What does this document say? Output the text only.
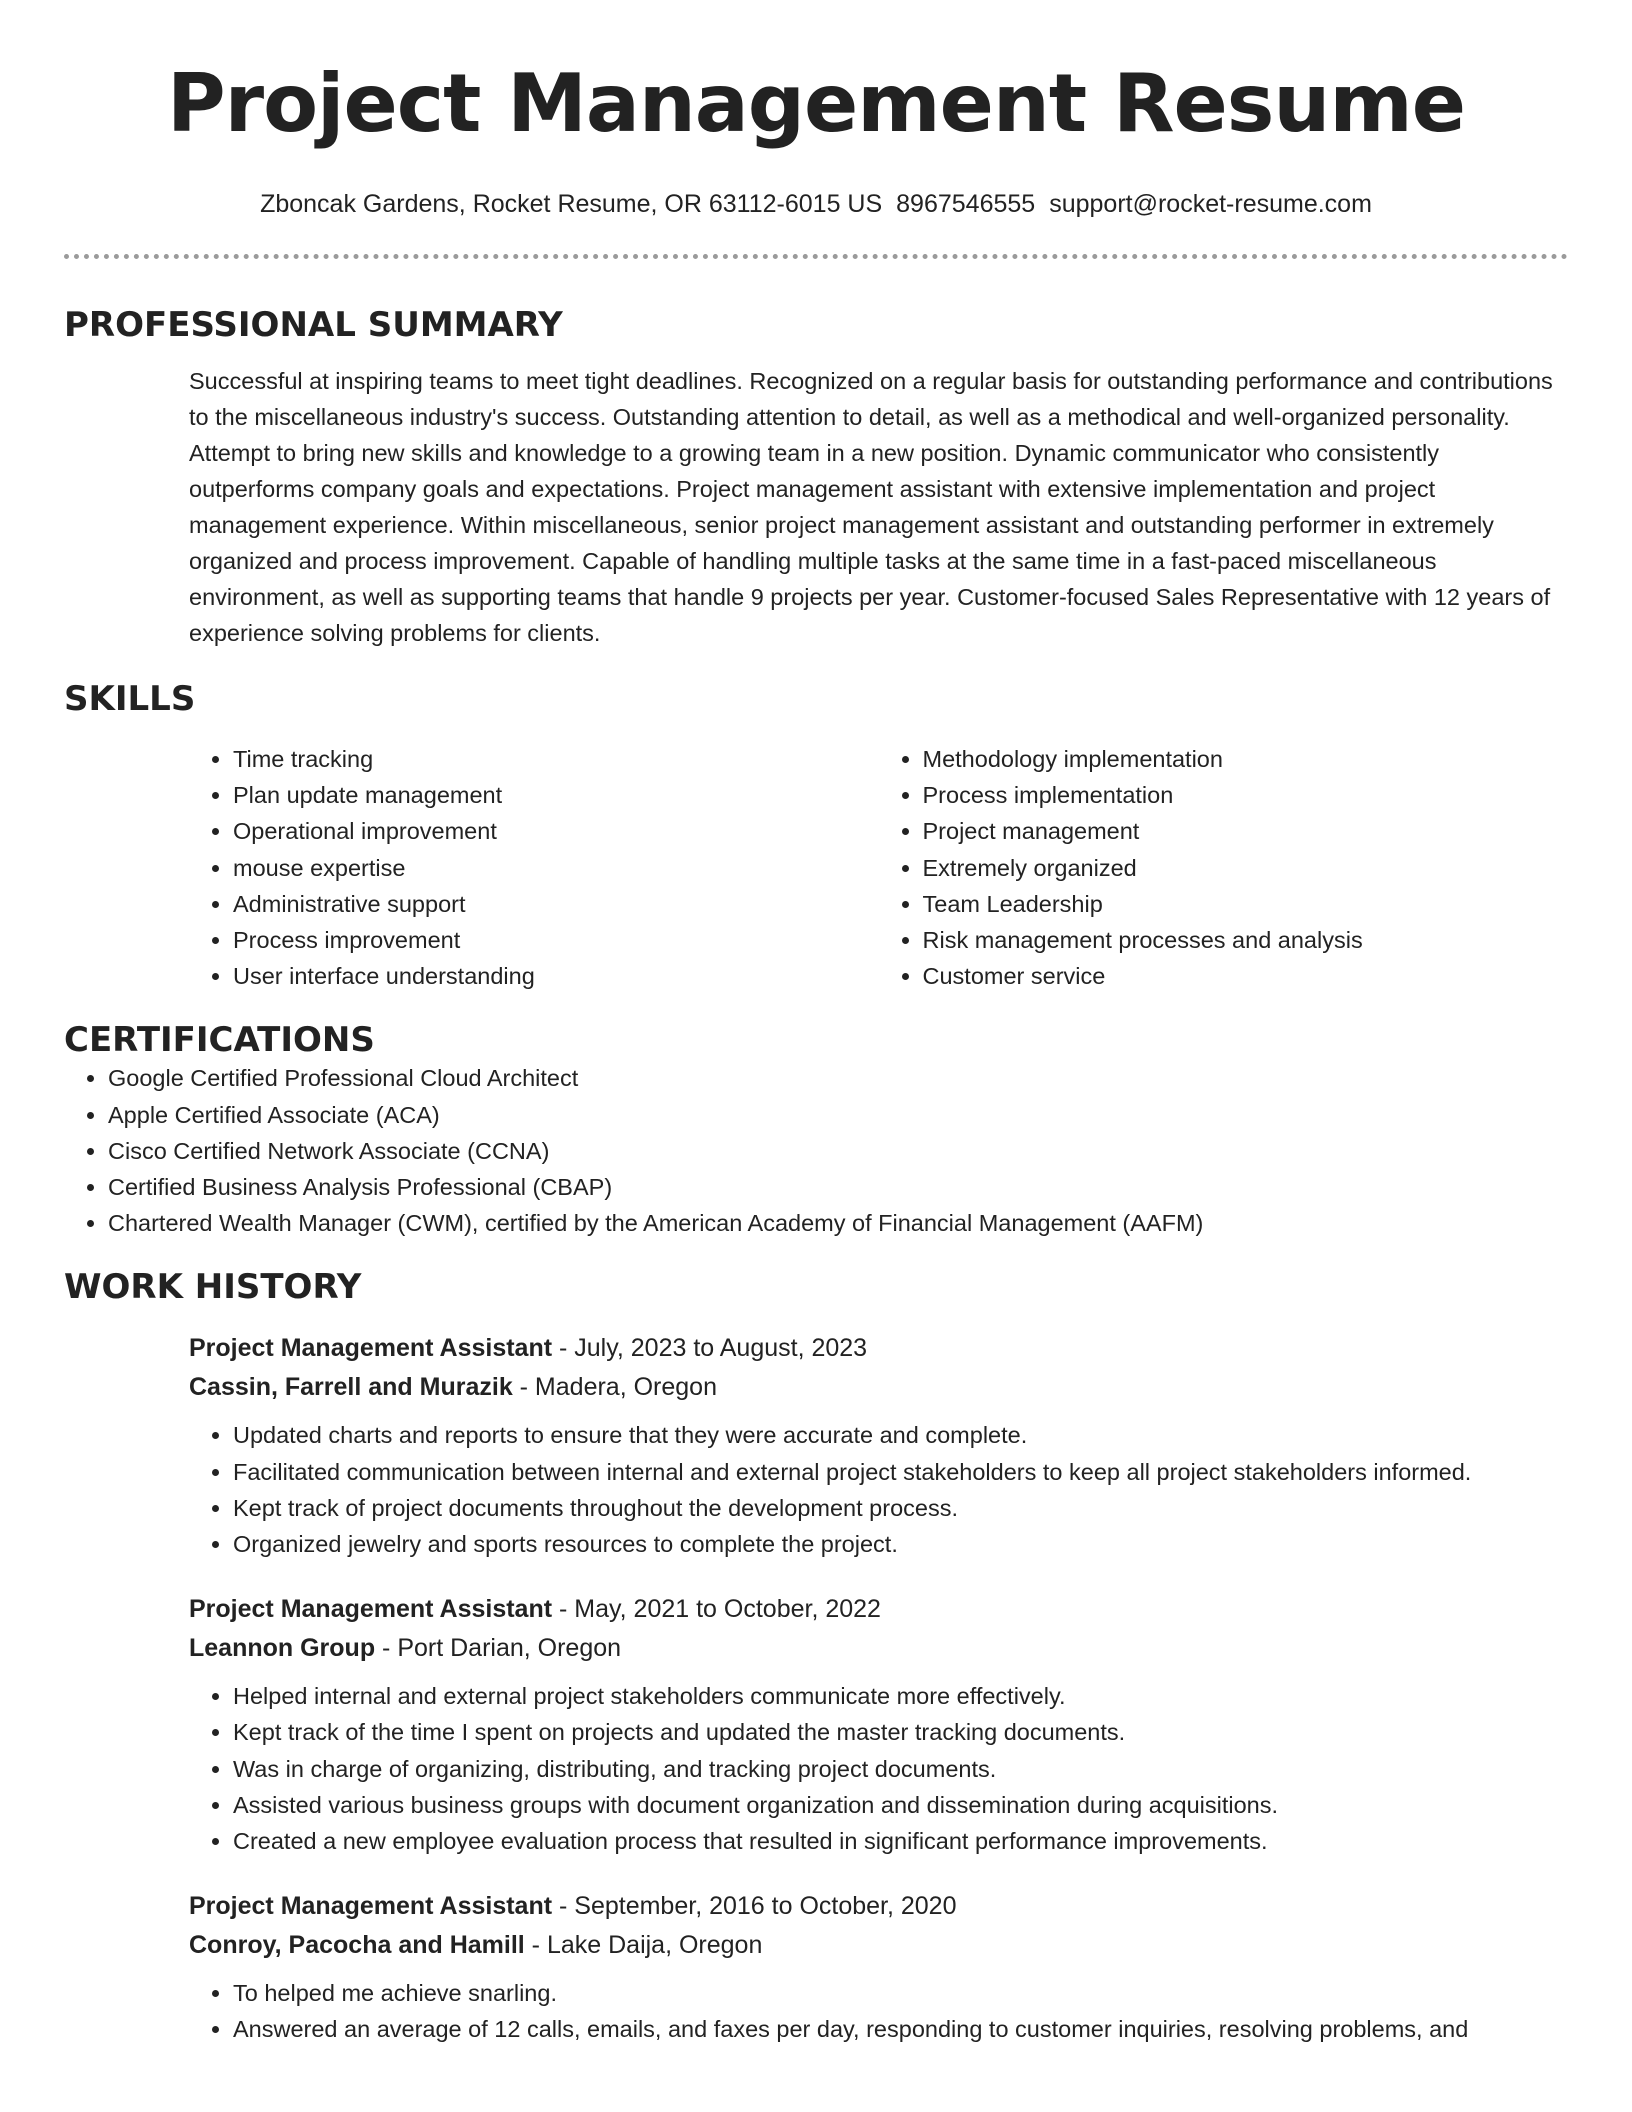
Project Management Resume
Zboncak Gardens, Rocket Resume, OR 63112-6015 US 8967546555 support@rocket-resume.com
PROFESSIONAL SUMMARY
Successful at inspiring teams to meet tight deadlines. Recognized on a regular basis for outstanding performance and contributions to the miscellaneous industry's success. Outstanding attention to detail, as well as a methodical and well-organized personality. Attempt to bring new skills and knowledge to a growing team in a new position. Dynamic communicator who consistently outperforms company goals and expectations. Project management assistant with extensive implementation and project management experience. Within miscellaneous, senior project management assistant and outstanding performer in extremely organized and process improvement. Capable of handling multiple tasks at the same time in a fast-paced miscellaneous environment, as well as supporting teams that handle 9 projects per year. Customer-focused Sales Representative with 12 years of experience solving problems for clients.
SKILLS
• Time tracking
• Plan update management
• Operational improvement
• mouse expertise
• Administrative support
• Process improvement
• User interface understanding
• Methodology implementation
• Process implementation
• Project management
• Extremely organized
• Team Leadership
• Risk management processes and analysis
• Customer service
CERTIFICATIONS
• Google Certified Professional Cloud Architect
• Apple Certified Associate (ACA)
• Cisco Certified Network Associate (CCNA)
• Certified Business Analysis Professional (CBAP)
• Chartered Wealth Manager (CWM), certified by the American Academy of Financial Management (AAFM)
WORK HISTORY
Project Management Assistant - July, 2023 to August, 2023
Cassin, Farrell and Murazik - Madera, Oregon
• Updated charts and reports to ensure that they were accurate and complete.
• Facilitated communication between internal and external project stakeholders to keep all project stakeholders informed.
• Kept track of project documents throughout the development process.
• Organized jewelry and sports resources to complete the project.
Project Management Assistant - May, 2021 to October, 2022
Leannon Group - Port Darian, Oregon
• Helped internal and external project stakeholders communicate more effectively.
• Kept track of the time I spent on projects and updated the master tracking documents.
• Was in charge of organizing, distributing, and tracking project documents.
• Assisted various business groups with document organization and dissemination during acquisitions.
• Created a new employee evaluation process that resulted in significant performance improvements.
Project Management Assistant - September, 2016 to October, 2020
Conroy, Pacocha and Hamill - Lake Daija, Oregon
• To helped me achieve snarling.
• Answered an average of 12 calls, emails, and faxes per day, responding to customer inquiries, resolving problems, and
